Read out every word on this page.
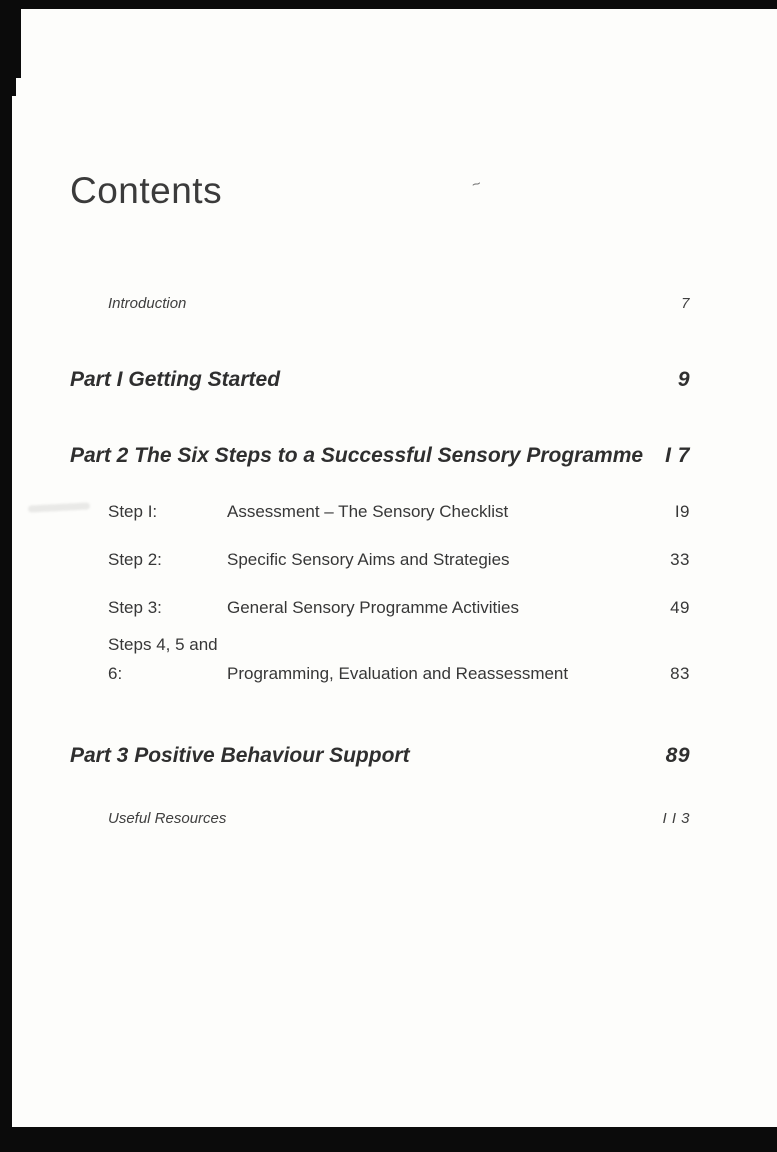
~
Contents
Introduction	7
Part I Getting Started	9
Part 2 The Six Steps to a Successful Sensory Programme I 7
Step I:	Assessment – The Sensory Checklist	I9
Step 2:	Specific Sensory Aims and Strategies	33
Step 3:	General Sensory Programme Activities	49
Steps 4, 5 and 6:	Programming, Evaluation and Reassessment	83
Part 3 Positive Behaviour Support	89
Useful Resources	I I 3
